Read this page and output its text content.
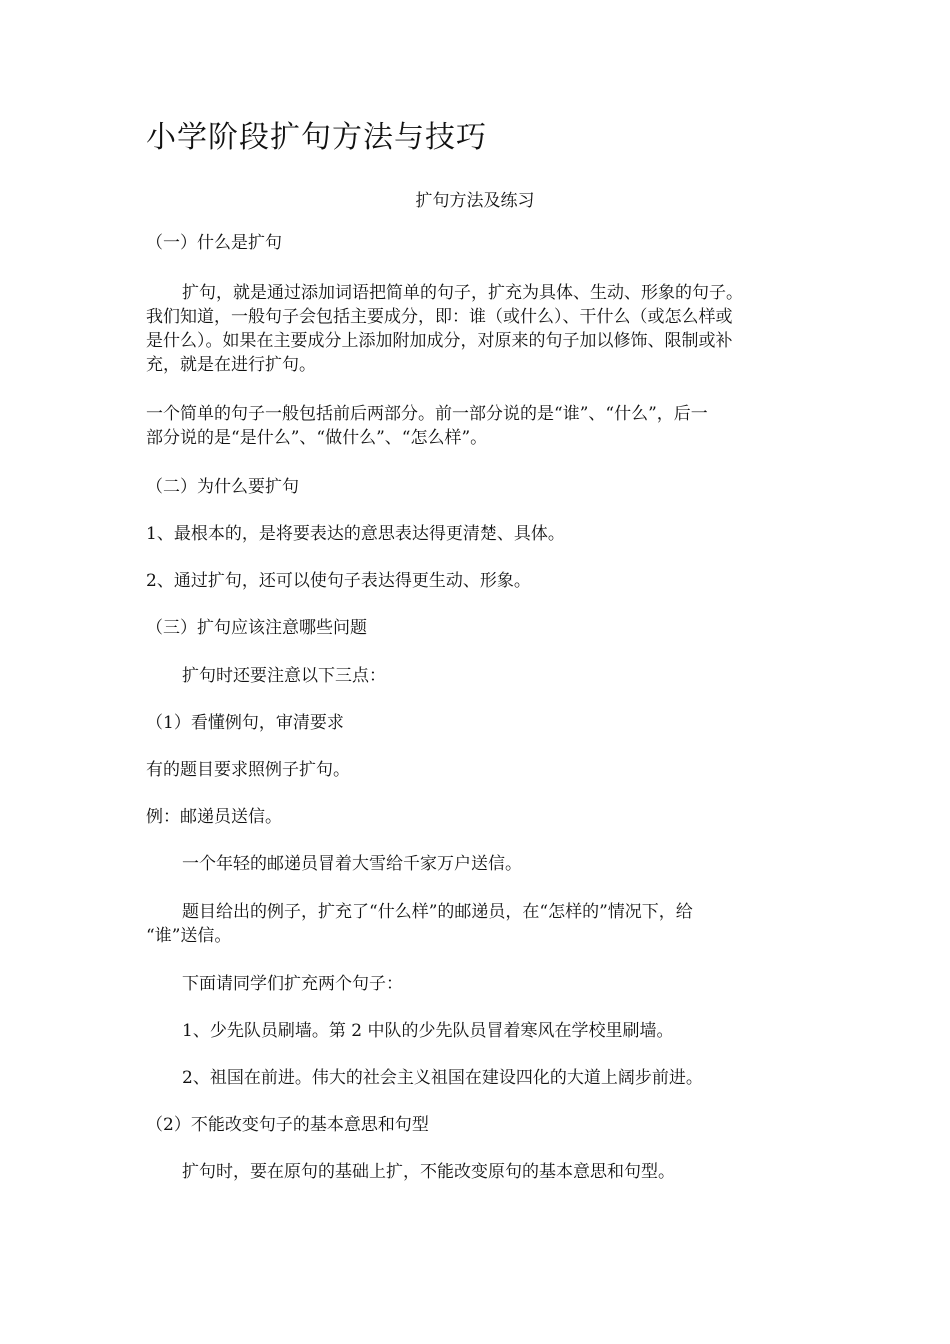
小学阶段扩句方法与技巧
扩句方法及练习
（一）什么是扩句
扩句，就是通过添加词语把简单的句子，扩充为具体、生动、形象的句子。
我们知道，一般句子会包括主要成分，即：谁（或什么）、干什么（或怎么样或
是什么）。如果在主要成分上添加附加成分，对原来的句子加以修饰、限制或补
充，就是在进行扩句。
一个简单的句子一般包括前后两部分。前一部分说的是“谁”、“什么”，后一
部分说的是“是什么”、“做什么”、“怎么样”。
（二）为什么要扩句
1、最根本的，是将要表达的意思表达得更清楚、具体。
2、通过扩句，还可以使句子表达得更生动、形象。
（三）扩句应该注意哪些问题
扩句时还要注意以下三点：
（1）看懂例句，审清要求
有的题目要求照例子扩句。
例：邮递员送信。
一个年轻的邮递员冒着大雪给千家万户送信。
题目给出的例子，扩充了“什么样”的邮递员，在“怎样的”情况下，给
“谁”送信。
下面请同学们扩充两个句子：
1、少先队员刷墙。第 2 中队的少先队员冒着寒风在学校里刷墙。
2、祖国在前进。伟大的社会主义祖国在建设四化的大道上阔步前进。
（2）不能改变句子的基本意思和句型
扩句时，要在原句的基础上扩，不能改变原句的基本意思和句型。
